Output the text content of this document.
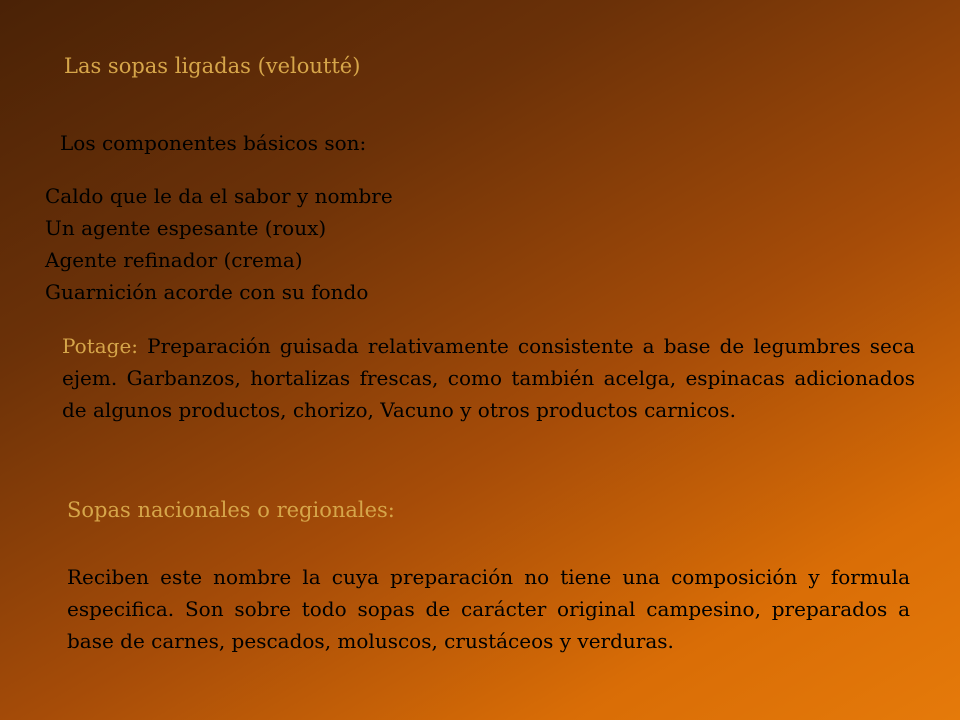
Las sopas ligadas (veloutté)
Los componentes básicos son:
Caldo que le da el sabor y nombre
Un agente espesante (roux)
Agente refinador (crema)
Guarnición acorde con su fondo

Potage: Preparación guisada relativamente consistente a base de legumbres seca ejem. Garbanzos, hortalizas frescas, como también acelga, espinacas adicionados de algunos productos, chorizo, Vacuno y otros productos carnicos.

Sopas nacionales o regionales:

Reciben este nombre la cuya preparación no tiene una composición y formula especifica. Son sobre todo sopas de carácter original campesino, preparados a base de carnes, pescados, moluscos, crustáceos y verduras.
